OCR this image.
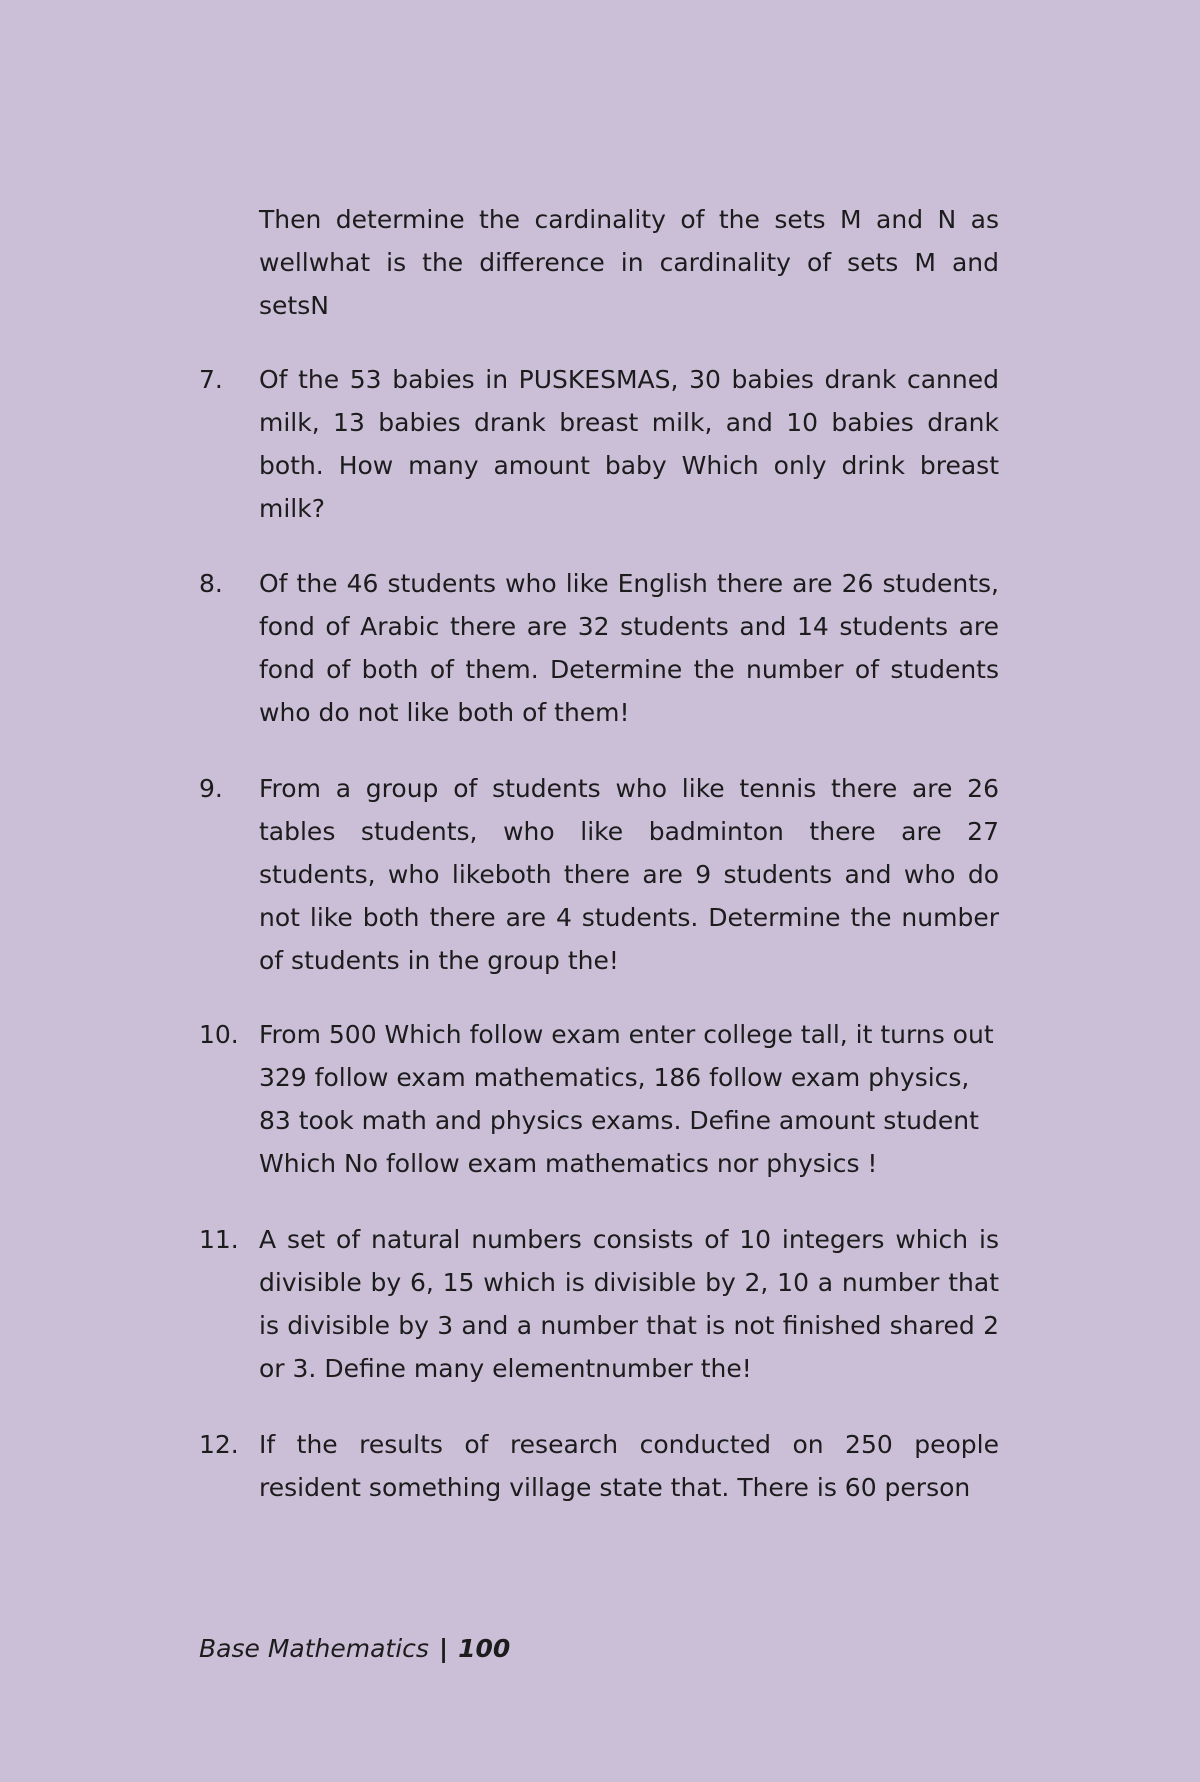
Then determine the cardinality of the sets M and N as wellwhat is the difference in cardinality of sets M and setsN
7.	Of the 53 babies in PUSKESMAS, 30 babies drank canned milk, 13 babies drank breast milk, and 10 babies drank both. How many amount baby Which only drink breast milk?
8.	Of the 46 students who like English there are 26 students, fond of Arabic there are 32 students and 14 students are fond of both of them. Determine the number of students who do not like both of them!
9.	From a group of students who like tennis there are 26 tables students, who like badminton there are 27 students, who likeboth there are 9 students and who do not like both there are 4 students. Determine the number of students in the group the!
10. From 500 Which follow exam enter college tall, it turns out 329 follow exam mathematics, 186 follow exam physics, 83 took math and physics exams. Define amount student Which No follow exam mathematics nor physics !
11. A set of natural numbers consists of 10 integers which is divisible by 6, 15 which is divisible by 2, 10 a number that is divisible by 3 and a number that is not finished shared 2 or 3. Define many elementnumber the!
12. If the results of research conducted on 250 people resident something village state that. There is 60 person
Base Mathematics | 100
